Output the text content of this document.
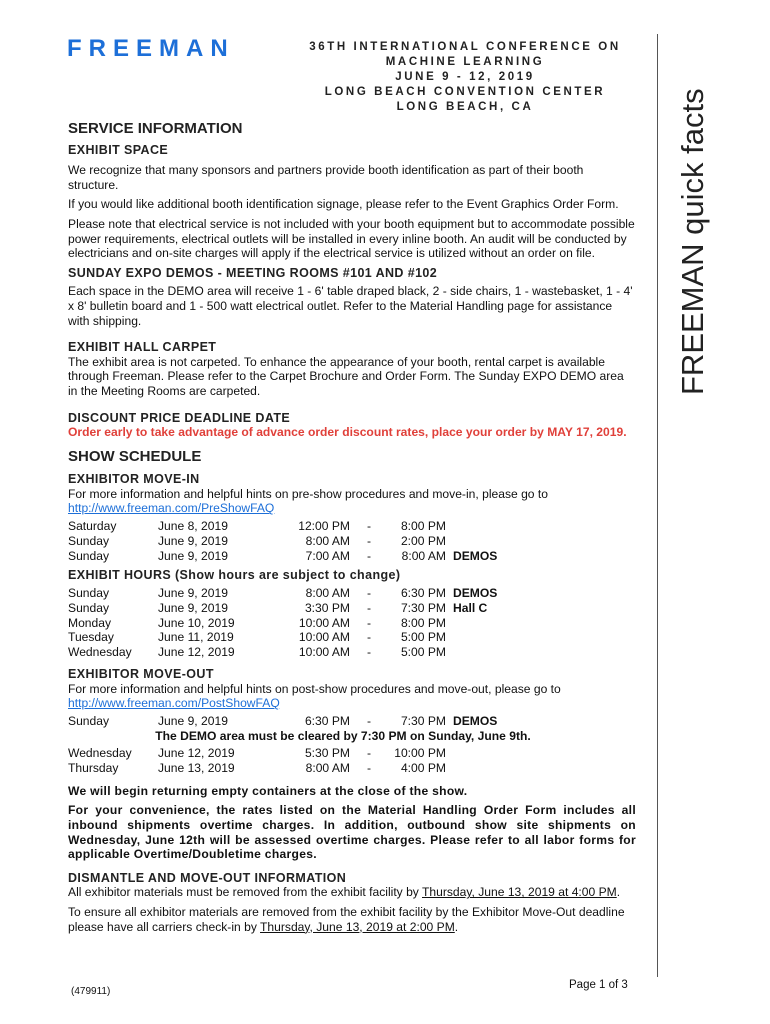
FREEMAN	36TH INTERNATIONAL CONFERENCE ON
MACHINE LEARNING
JUNE 9 - 12, 2019
LONG BEACH CONVENTION CENTER
LONG BEACH, CA	FREEMAN quick facts
SERVICE INFORMATION
EXHIBIT SPACE

We recognize that many sponsors and partners provide booth identification as part of their booth structure.

If you would like additional booth identification signage, please refer to the Event Graphics Order Form.

Please note that electrical service is not included with your booth equipment but to accommodate possible power requirements, electrical outlets will be installed in every inline booth. An audit will be conducted by electricians and on-site charges will apply if the electrical service is utilized without an order on file.

SUNDAY EXPO DEMOS - MEETING ROOMS #101 AND #102

Each space in the DEMO area will receive 1 - 6' table draped black, 2 - side chairs, 1 - wastebasket, 1 - 4' x 8' bulletin board and 1 - 500 watt electrical outlet. Refer to the Material Handling page for assistance with shipping.

EXHIBIT HALL CARPET

The exhibit area is not carpeted. To enhance the appearance of your booth, rental carpet is available through Freeman. Please refer to the Carpet Brochure and Order Form. The Sunday EXPO DEMO area in the Meeting Rooms are carpeted.

DISCOUNT PRICE DEADLINE DATE

Order early to take advantage of advance order discount rates, place your order by MAY 17, 2019.

SHOW SCHEDULE
EXHIBITOR MOVE-IN

For more information and helpful hints on pre-show procedures and move-in, please go to

http://www.freeman.com/PreShowFAQ
Saturday	June 8, 2019	12:00 PM	-	8:00 PM
Sunday	June 9, 2019	8:00 AM	-	2:00 PM
Sunday	June 9, 2019	7:00 AM	-	8:00 AM DEMOS
EXHIBIT HOURS (Show hours are subject to change)
Sunday	June 9, 2019	8:00 AM	-	6:30 PM DEMOS
Sunday	June 9, 2019	3:30 PM	-	7:30 PM Hall C
Monday	June 10, 2019	10:00 AM	-	8:00 PM
Tuesday	June 11, 2019	10:00 AM	-	5:00 PM
Wednesday	June 12, 2019	10:00 AM	-	5:00 PM
EXHIBITOR MOVE-OUT

For more information and helpful hints on post-show procedures and move-out, please go to

http://www.freeman.com/PostShowFAQ
Sunday	June 9, 2019	6:30 PM	-	7:30 PM DEMOS

The DEMO area must be cleared by 7:30 PM on Sunday, June 9th.

Wednesday	June 12, 2019	5:30 PM	-	10:00 PM
Thursday	June 13, 2019	8:00 AM	-	4:00 PM

We will begin returning empty containers at the close of the show.

For your convenience, the rates listed on the Material Handling Order Form includes all inbound shipments overtime charges. In addition, outbound show site shipments on Wednesday, June 12th will be assessed overtime charges. Please refer to all labor forms for applicable Overtime/Doubletime charges.

DISMANTLE AND MOVE-OUT INFORMATION

All exhibitor materials must be removed from the exhibit facility by Thursday, June 13, 2019 at 4:00 PM.

To ensure all exhibitor materials are removed from the exhibit facility by the Exhibitor Move-Out deadline please have all carriers check-in by Thursday, June 13, 2019 at 2:00 PM.

(479911)
Page 1 of 3
